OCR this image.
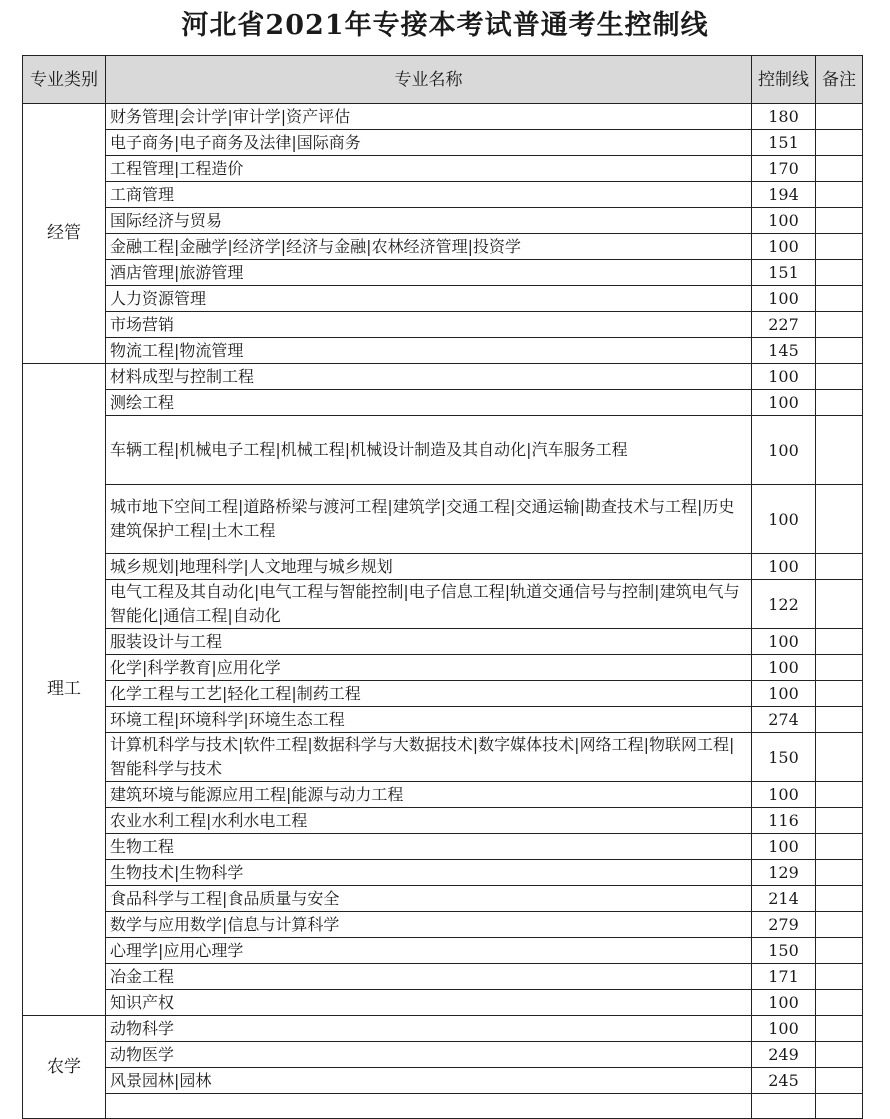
河北省2021年专接本考试普通考生控制线
专业类别	专业名称	控制线	备注
经管	财务管理|会计学|审计学|资产评估	180	
	电子商务|电子商务及法律|国际商务	151	
	工程管理|工程造价	170	
	工商管理	194	
	国际经济与贸易	100	
	金融工程|金融学|经济学|经济与金融|农林经济管理|投资学	100	
	酒店管理|旅游管理	151	
	人力资源管理	100	
	市场营销	227	
	物流工程|物流管理	145	
理工	材料成型与控制工程	100	
	测绘工程	100	
	车辆工程|机械电子工程|机械工程|机械设计制造及其自动化|汽车服务工程	100	
	城市地下空间工程|道路桥梁与渡河工程|建筑学|交通工程|交通运输|勘查技术与工程|历史建筑保护工程|土木工程	100	
	城乡规划|地理科学|人文地理与城乡规划	100	
	电气工程及其自动化|电气工程与智能控制|电子信息工程|轨道交通信号与控制|建筑电气与智能化|通信工程|自动化	122	
	服装设计与工程	100	
	化学|科学教育|应用化学	100	
	化学工程与工艺|轻化工程|制药工程	100	
	环境工程|环境科学|环境生态工程	274	
	计算机科学与技术|软件工程|数据科学与大数据技术|数字媒体技术|网络工程|物联网工程|智能科学与技术	150	
	建筑环境与能源应用工程|能源与动力工程	100	
	农业水利工程|水利水电工程	116	
	生物工程	100	
	生物技术|生物科学	129	
	食品科学与工程|食品质量与安全	214	
	数学与应用数学|信息与计算科学	279	
	心理学|应用心理学	150	
	冶金工程	171	
	知识产权	100	
农学	动物科学	100	
	动物医学	249	
	风景园林|园林	245	
